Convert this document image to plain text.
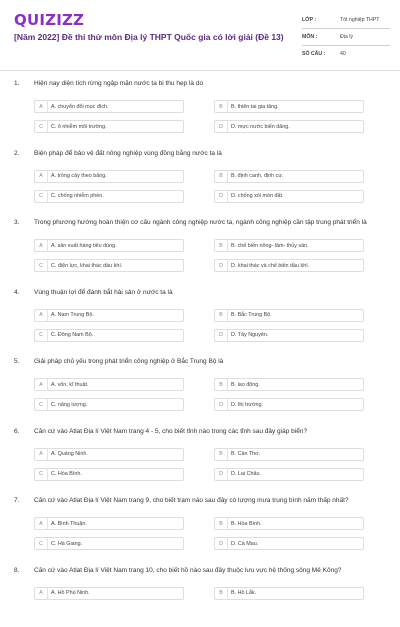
QUIZIZZ
[Năm 2022] Đề thi thử môn Địa lý THPT Quốc gia có lời giải (Đề 13)
LỚP :	Tốt nghiệp THPT
MÔN :	Địa lý
SỐ CÂU :	40
1. Hiện nay diện tích rừng ngập mặn nước ta bị thu hẹp là do
A	A. chuyển đổi mục đích.	B	B. thiên tai gia tăng.
C	C. ô nhiễm môi trường.	D	D. mực nước biển dâng.
2. Biện pháp để bảo vệ đất nông nghiệp vùng đồng bằng nước ta là
A	A. trồng cây theo băng.	B	B. định canh, định cư.
C	C. chống nhiễm phèn.	D	D. chống xói mòn đất.
3. Trong phương hướng hoàn thiện cơ cấu ngành công nghiệp nước ta, ngành công nghiệp cần tập trung phát triển là
A	A. sản xuất hàng tiêu dùng.	B	B. chế biến nông- lâm- thủy sản.
C	C. điện lực, khai thác dầu khí.	D	D. khai thác và chế biến dầu khí.
4. Vùng thuận lợi để đánh bắt hải sản ở nước ta là
A	A. Nam Trung Bộ.	B	B. Bắc Trung Bộ.
C	C. Đông Nam Bộ.	D	D. Tây Nguyên.
5. Giải pháp chủ yếu trong phát triển công nghiệp ở Bắc Trung Bộ là
A	A. vốn, kĩ thuật.	B	B. lao động.
C	C. năng lượng.	D	D. thị trường.
6. Căn cứ vào Atlat Địa lí Việt Nam trang 4 - 5, cho biết tỉnh nào trong các tỉnh sau đây giáp biển?
A	A. Quảng Ninh.	B	B. Cần Thơ.
C	C. Hòa Bình.	D	D. Lai Châu.
7. Căn cứ vào Atlat Địa lí Việt Nam trang 9, cho biết trạm nào sau đây có lượng mưa trung bình năm thấp nhất?
A	A. Bình Thuận.	B	B. Hòa Bình.
C	C. Hà Giang.	D	D. Cà Mau.
8. Căn cứ vào Atlat Địa lí Việt Nam trang 10, cho biết hồ nào sau đây thuộc lưu vực hệ thống sông Mê Kông?
A	A. Hồ Phú Ninh.	B	B. Hồ Lắk.
